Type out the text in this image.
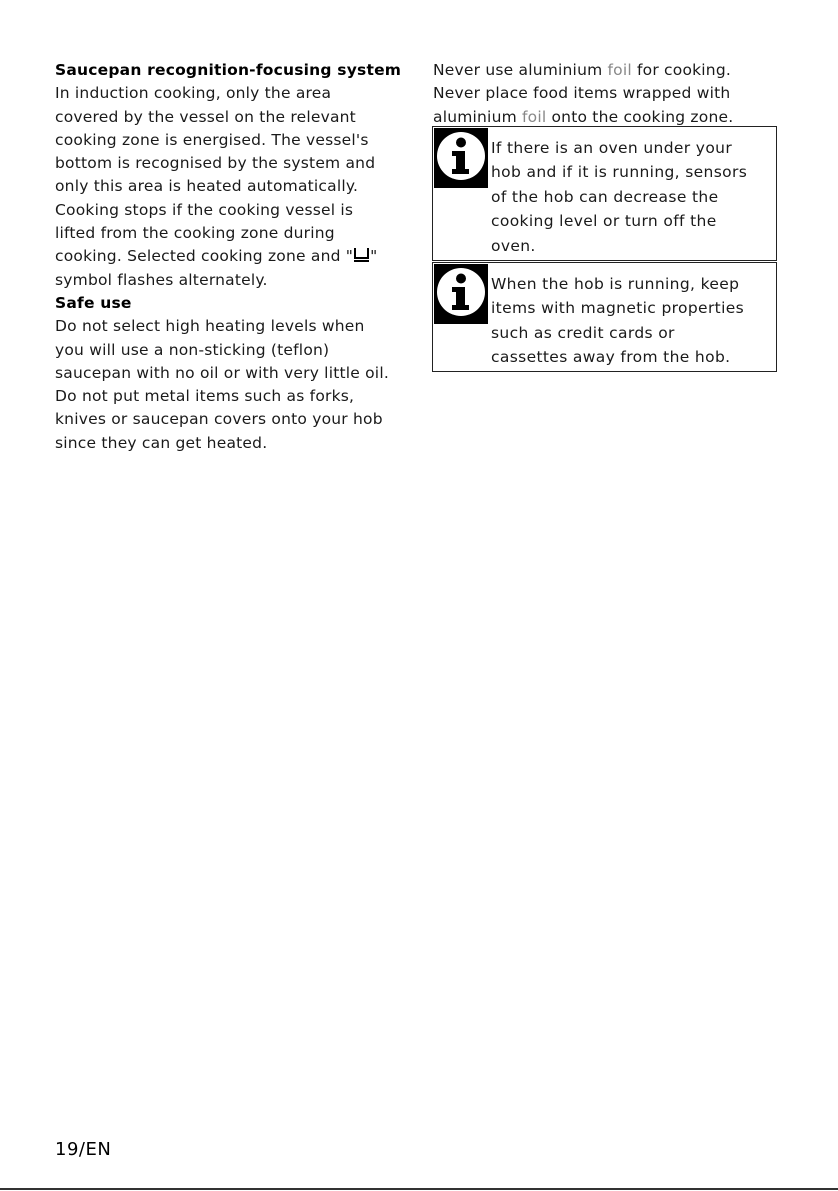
Saucepan recognition-focusing system
In induction cooking, only the area
covered by the vessel on the relevant
cooking zone is energised. The vessel's
bottom is recognised by the system and
only this area is heated automatically.
Cooking stops if the cooking vessel is
lifted from the cooking zone during
cooking. Selected cooking zone and " "
symbol flashes alternately.
Safe use
Do not select high heating levels when
you will use a non-sticking (teflon)
saucepan with no oil or with very little oil.
Do not put metal items such as forks,
knives or saucepan covers onto your hob
since they can get heated.
Never use aluminium foil for cooking.
Never place food items wrapped with
aluminium foil onto the cooking zone.
If there is an oven under your
hob and if it is running, sensors
of the hob can decrease the
cooking level or turn off the
oven.
When the hob is running, keep
items with magnetic properties
such as credit cards or
cassettes away from the hob.
19/EN
